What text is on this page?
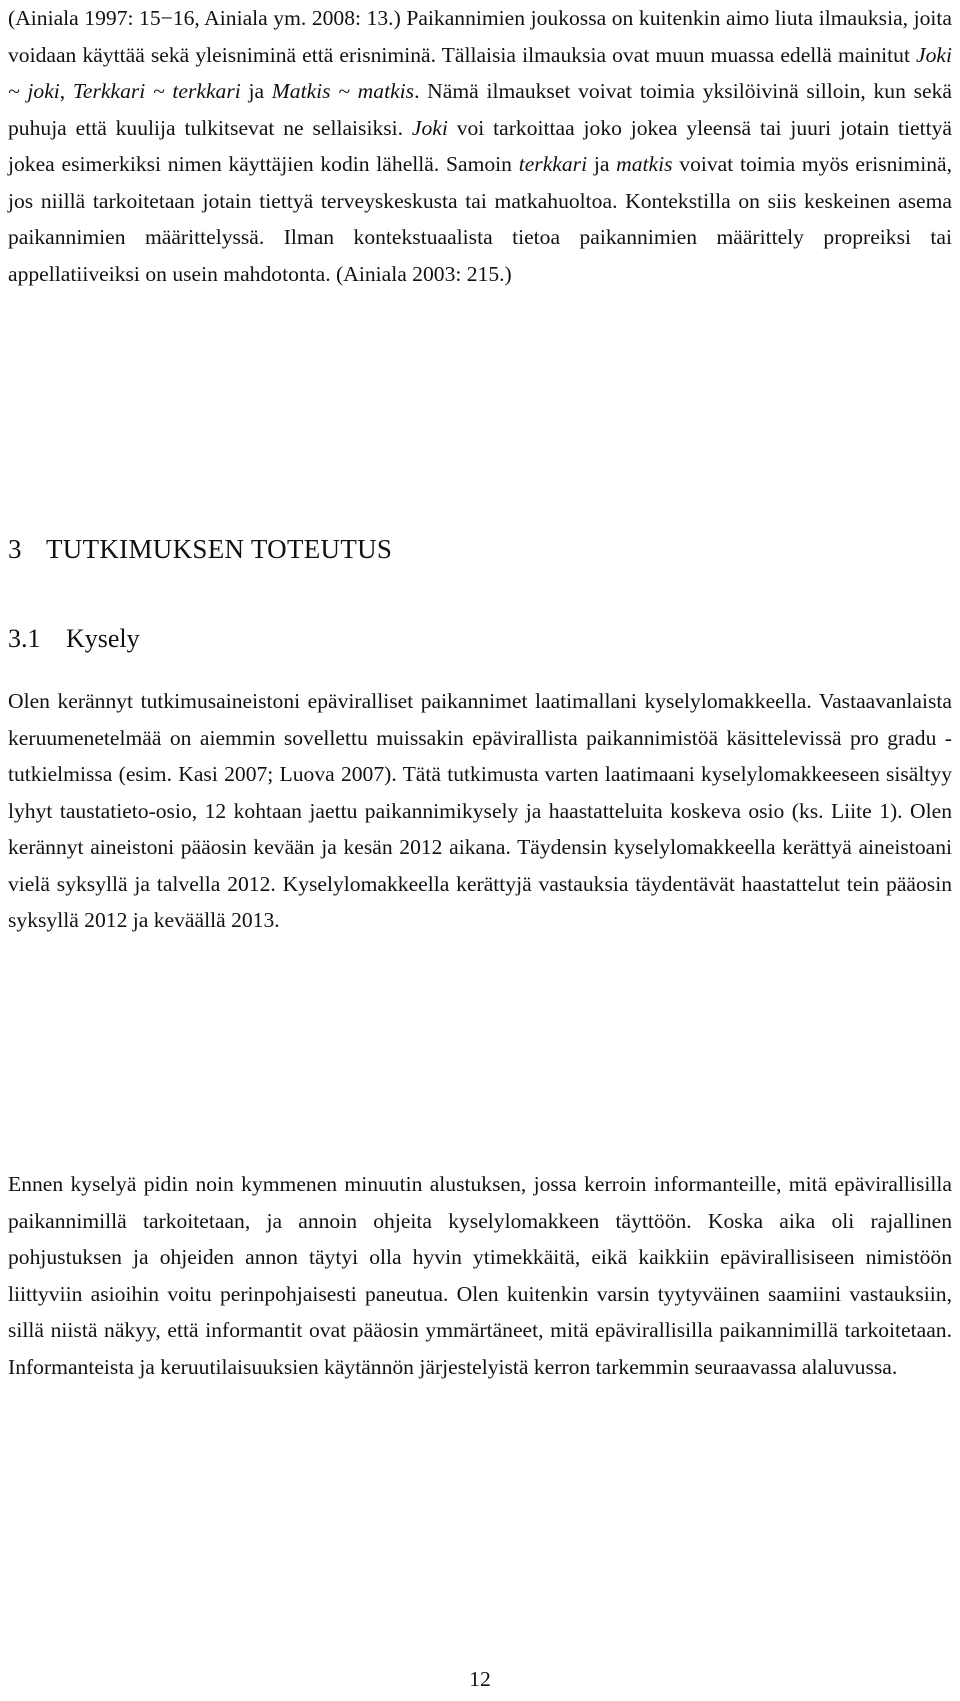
(Ainiala 1997: 15−16, Ainiala ym. 2008: 13.) Paikannimien joukossa on kuitenkin aimo liuta ilmauksia, joita voidaan käyttää sekä yleisniminä että erisniminä. Tällaisia ilmauksia ovat muun muassa edellä mainitut Joki ~ joki, Terkkari ~ terkkari ja Matkis ~ matkis. Nämä ilmaukset voivat toimia yksilöivinä silloin, kun sekä puhuja että kuulija tulkitsevat ne sellaisiksi. Joki voi tarkoittaa joko jokea yleensä tai juuri jotain tiettyä jokea esimerkiksi nimen käyttäjien kodin lähellä. Samoin terkkari ja matkis voivat toimia myös erisniminä, jos niillä tarkoitetaan jotain tiettyä terveyskeskusta tai matkahuoltoa. Kontekstilla on siis keskeinen asema paikannimien määrittelyssä. Ilman kontekstuaalista tietoa paikannimien määrittely propreiksi tai appellatiiveiksi on usein mahdotonta. (Ainiala 2003: 215.)

3 TUTKIMUKSEN TOTEUTUS
3.1 Kysely

Olen kerännyt tutkimusaineistoni epäviralliset paikannimet laatimallani kyselylomakkeella. Vastaavanlaista keruumenetelmää on aiemmin sovellettu muissakin epävirallista paikannimistöä käsittelevissä pro gradu -tutkielmissa (esim. Kasi 2007; Luova 2007). Tätä tutkimusta varten laatimaani kyselylomakkeeseen sisältyy lyhyt taustatieto-osio, 12 kohtaan jaettu paikannimikysely ja haastatteluita koskeva osio (ks. Liite 1). Olen kerännyt aineistoni pääosin kevään ja kesän 2012 aikana. Täydensin kyselylomakkeella kerättyä aineistoani vielä syksyllä ja talvella 2012. Kyselylomakkeella kerättyjä vastauksia täydentävät haastattelut tein pääosin syksyllä 2012 ja keväällä 2013.

Ennen kyselyä pidin noin kymmenen minuutin alustuksen, jossa kerroin informanteille, mitä epävirallisilla paikannimillä tarkoitetaan, ja annoin ohjeita kyselylomakkeen täyttöön. Koska aika oli rajallinen pohjustuksen ja ohjeiden annon täytyi olla hyvin ytimekkäitä, eikä kaikkiin epävirallisiseen nimistöön liittyviin asioihin voitu perinpohjaisesti paneutua. Olen kuitenkin varsin tyytyväinen saamiini vastauksiin, sillä niistä näkyy, että informantit ovat pääosin ymmärtäneet, mitä epävirallisilla paikannimillä tarkoitetaan. Informanteista ja keruutilaisuuksien käytännön järjestelyistä kerron tarkemmin seuraavassa alaluvussa.

12
